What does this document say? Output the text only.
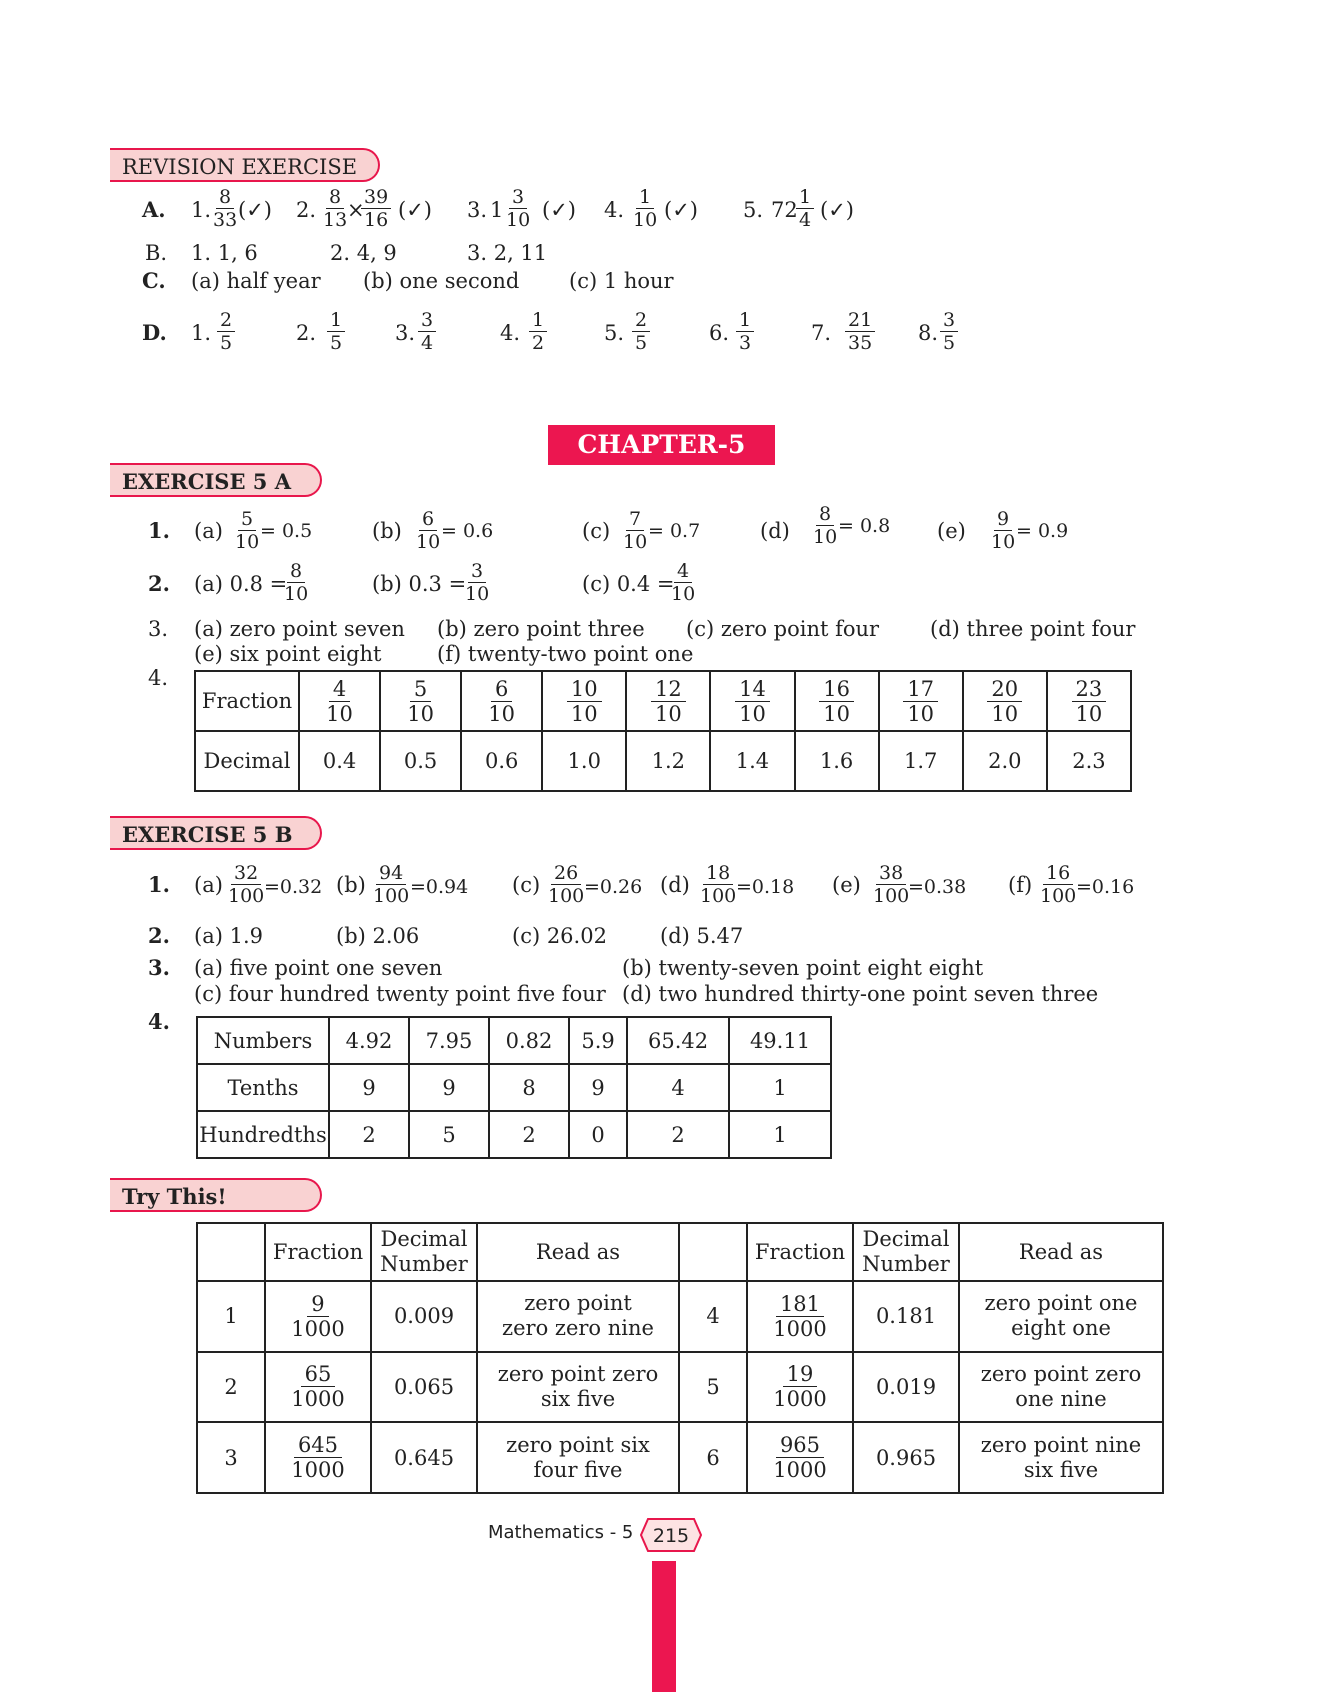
REVISION EXERCISE
A. 1.
8
33 (✓) 2.
8
13 ×
39
16 (✓) 3. 1
3
10 (✓) 4.
1
10 (✓) 5. 72
1
4 (✓)
B. 1. 1, 6	2. 4, 9	3. 2, 11
C. (a) half year (b) one second (c) 1 hour
D. 1.
2
5	2.
1
5	3.
3
4	4.
1
2	5.
2
5	6.
1
3	7.
21
35 8.
3
5
CHAPTER-5
EXERCISE 5 A
1. (a) 5
10 = 0.5	(b) 6
10 = 0.6	(c) 7
10 = 0.7	(d)
8
10 = 0.8 (e) 9
10 = 0.9
2. (a) 0.8 =
8
10	(b) 0.3 =
3
10	(c) 0.4 =
4
10
3. (a) zero point seven (b) zero point three (c) zero point four (d) three point four
(e) six point eight	(f) twenty-two point one
4.
Fraction	$\frac{4}{10}$	$\frac{5}{10}$	$\frac{6}{10}$	$\frac{10}{10}$	$\frac{12}{10}$	$\frac{14}{10}$	$\frac{16}{10}$	$\frac{17}{10}$	$\frac{20}{10}$	$\frac{23}{10}$

Decimal	0.4	0.5	0.6	1.0	1.2	1.4	1.6	1.7	2.0	2.3
EXERCISE 5 B
1. (a) 32
100 =0.32 (b) 94
100 =0.94 (c) 26
100 =0.26 (d) 18
100 =0.18 (e) 38
100
=0.38 (f) 16
100 =0.16
2. (a) 1.9	(b) 2.06	(c) 26.02	(d) 5.47
3. (a) five point one seven	(b) twenty-seven point eight eight
(c) four hundred twenty point five four (d) two hundred thirty-one point seven three
4.
Numbers	4.92	7.95	0.82	5.9	65.42	49.11
Tenths	9	9	8	9	4	1
Hundredths	2	5	2	0	2	1
Try This!
	Fraction	Decimal Number	Read as		Fraction	Decimal Number	Read as
1	$\frac{9}{1000}$	0.009	zero point zero zero nine	4	$\frac{181}{1000}$	0.181	zero point one eight one
2	$\frac{65}{1000}$	0.065	zero point zero six five	5	$\frac{19}{1000}$	0.019	zero point zero one nine
3	$\frac{645}{1000}$	0.645	zero point six four five	6	$\frac{965}{1000}$	0.965	zero point nine six five
Mathematics - 5 215
